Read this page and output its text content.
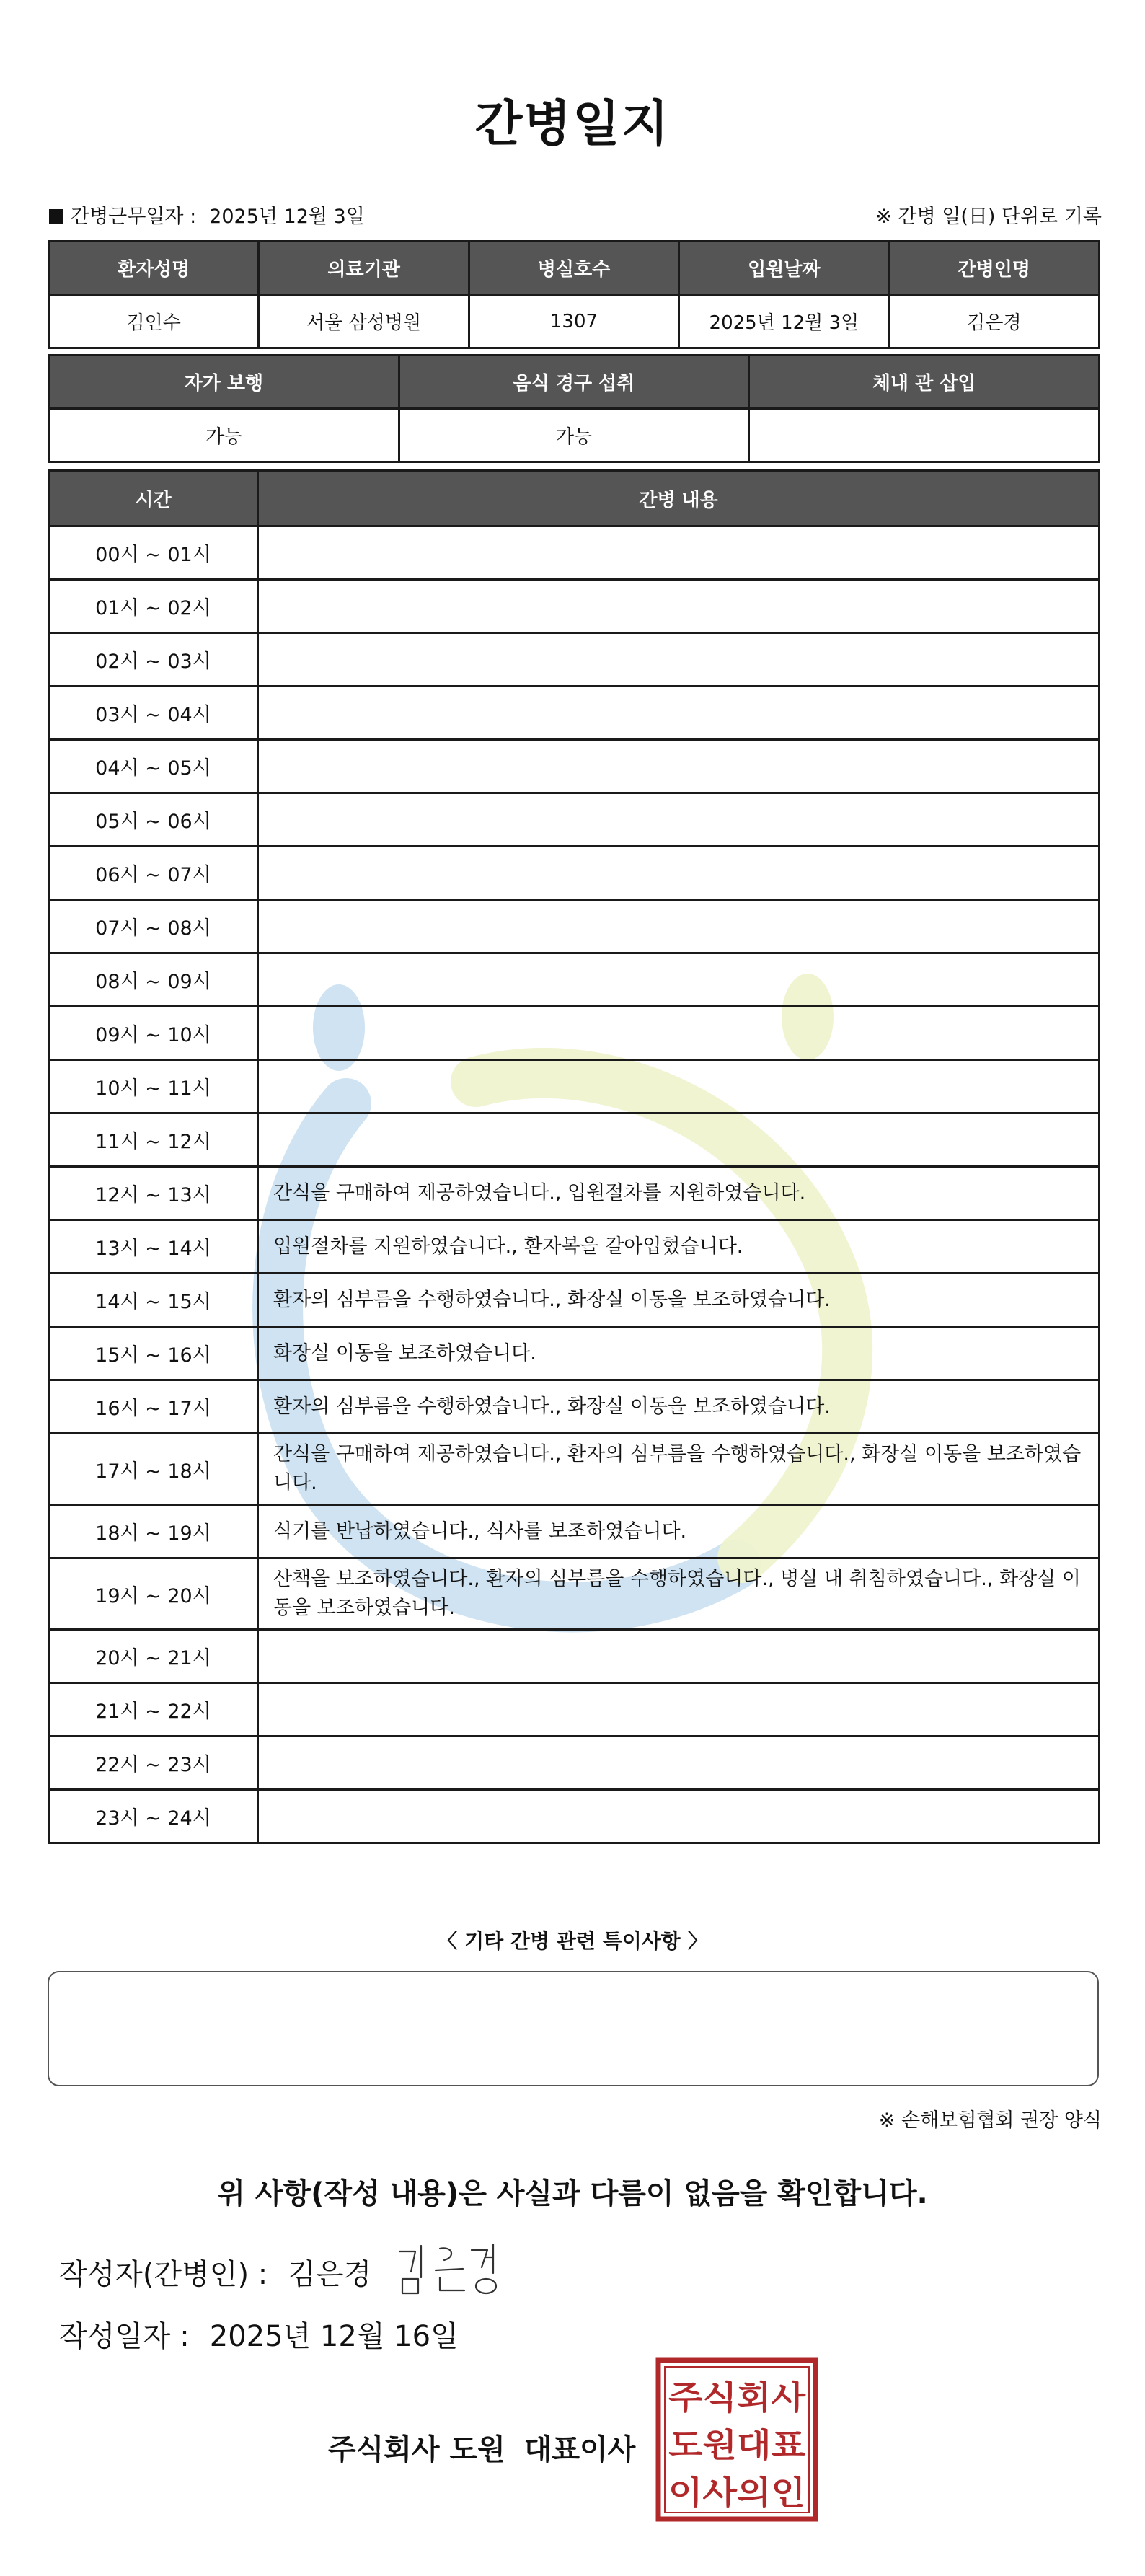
간병일지
간병근무일자 : 2025년 12월 3일	※ 간병 일(日) 단위로 기록
환자성명	의료기관	병실호수	입원날짜	간병인명
김인수	서울 삼성병원	1307	2025년 12월 3일	김은경
자가 보행	음식 경구 섭취	체내 관 삽입
가능	가능	
시간	간병 내용
00시 ~ 01시	
01시 ~ 02시	
02시 ~ 03시	
03시 ~ 04시	
04시 ~ 05시	
05시 ~ 06시	
06시 ~ 07시	
07시 ~ 08시	
08시 ~ 09시	
09시 ~ 10시	
10시 ~ 11시	
11시 ~ 12시	
12시 ~ 13시	간식을 구매하여 제공하였습니다., 입원절차를 지원하였습니다.
13시 ~ 14시	입원절차를 지원하였습니다., 환자복을 갈아입혔습니다.
14시 ~ 15시	환자의 심부름을 수행하였습니다., 화장실 이동을 보조하였습니다.
15시 ~ 16시	화장실 이동을 보조하였습니다.
16시 ~ 17시	환자의 심부름을 수행하였습니다., 화장실 이동을 보조하였습니다.
17시 ~ 18시	간식을 구매하여 제공하였습니다., 환자의 심부름을 수행하였습니다., 화장실 이동을 보조하였습니다.
18시 ~ 19시	식기를 반납하였습니다., 식사를 보조하였습니다.
19시 ~ 20시	산책을 보조하였습니다., 환자의 심부름을 수행하였습니다., 병실 내 취침하였습니다., 화장실 이동을 보조하였습니다.
20시 ~ 21시	
21시 ~ 22시	
22시 ~ 23시	
23시 ~ 24시	
〈 기타 간병 관련 특이사항 〉
※ 손해보험협회 권장 양식
위 사항(작성 내용)은 사실과 다름이 없음을 확인합니다.
작성자(간병인) : 김은경
작성일자 : 2025년 12월 16일
주식회사 도원 대표이사
주식회사
도원대표
이사의인
